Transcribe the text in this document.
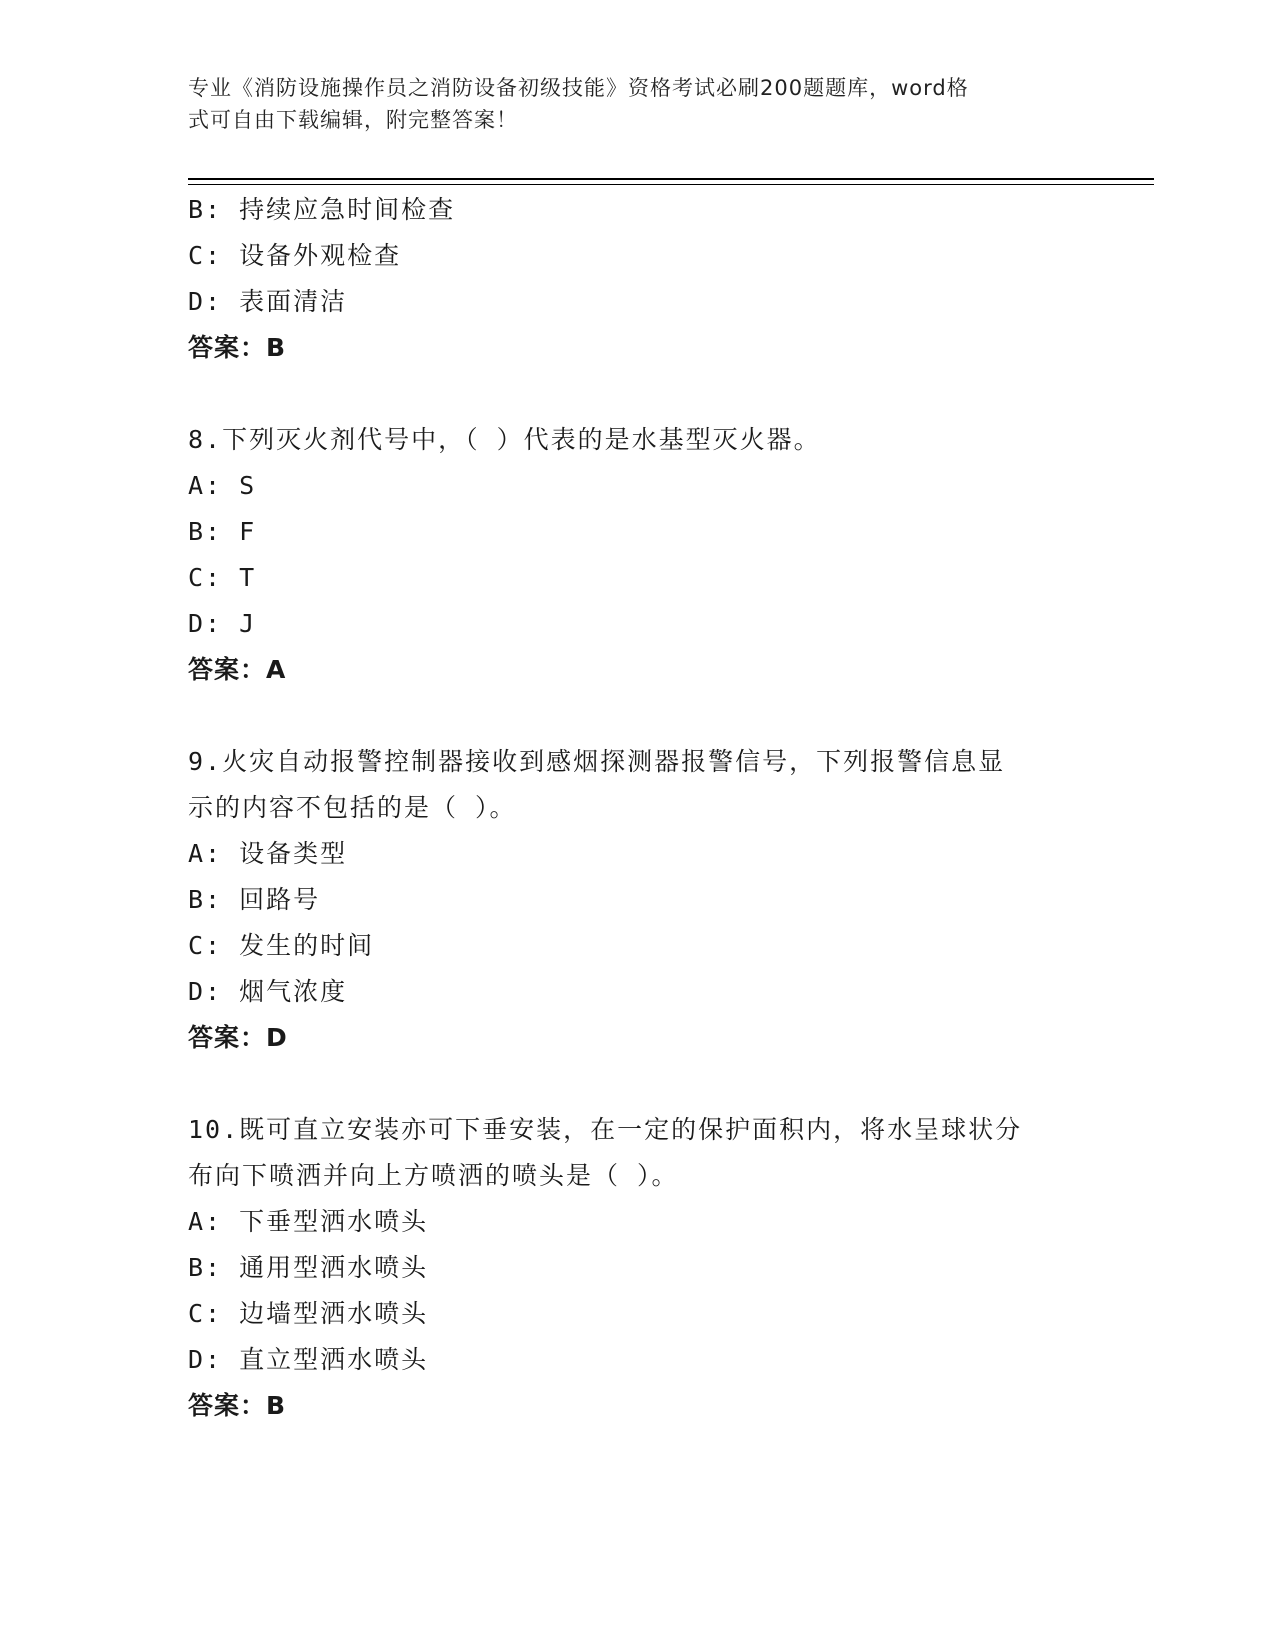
专业《消防设施操作员之消防设备初级技能》资格考试必刷200题题库，word格
式可自由下载编辑，附完整答案！
B: 持续应急时间检查
C: 设备外观检查
D: 表面清洁
答案：B
8.下列灭火剂代号中，（ ）代表的是水基型灭火器。
A: S
B: F
C: T
D: J
答案：A
9.火灾自动报警控制器接收到感烟探测器报警信号，下列报警信息显
示的内容不包括的是（ ）。
A: 设备类型
B: 回路号
C: 发生的时间
D: 烟气浓度
答案：D
10.既可直立安装亦可下垂安装，在一定的保护面积内，将水呈球状分
布向下喷洒并向上方喷洒的喷头是（ ）。
A: 下垂型洒水喷头
B: 通用型洒水喷头
C: 边墙型洒水喷头
D: 直立型洒水喷头
答案：B
